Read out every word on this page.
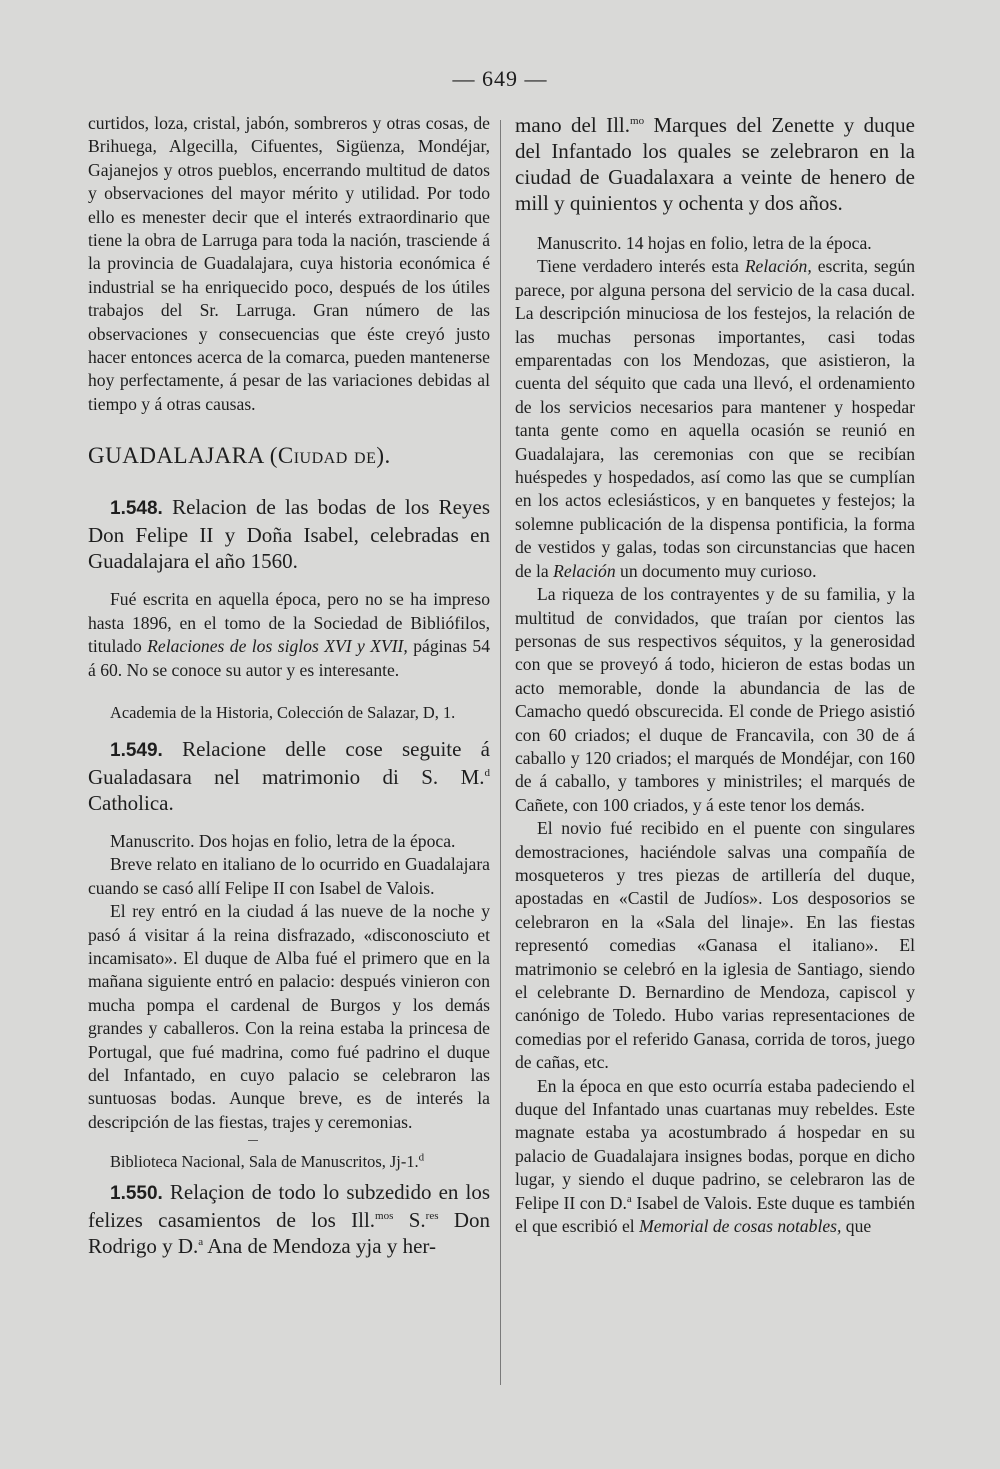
— 649 —

curtidos, loza, cristal, jabón, sombreros y otras cosas, de Brihuega, Algecilla, Cifuentes, Sigüenza, Mondéjar, Gajanejos y otros pueblos, encerrando multitud de datos y observaciones del mayor mérito y utilidad. Por todo ello es menester decir que el interés extraordinario que tiene la obra de Larruga para toda la nación, trasciende á la provincia de Guadalajara, cuya historia económica é industrial se ha enriquecido poco, después de los útiles trabajos del Sr. Larruga. Gran número de las observaciones y consecuencias que éste creyó justo hacer entonces acerca de la comarca, pueden mantenerse hoy perfectamente, á pesar de las variaciones debidas al tiempo y á otras causas.

GUADALAJARA (Ciudad de).

1.548. Relacion de las bodas de los Reyes Don Felipe II y Doña Isabel, celebradas en Guadalajara el año 1560.

Fué escrita en aquella época, pero no se ha impreso hasta 1896, en el tomo de la Sociedad de Bibliófilos, titulado Relaciones de los siglos XVI y XVII, páginas 54 á 60. No se conoce su autor y es interesante.

Academia de la Historia, Colección de Salazar, D, 1.

1.549. Relacione delle cose seguite á Gualadasara nel matrimonio di S. M.$^d$ Catholica.

Manuscrito. Dos hojas en folio, letra de la época.

Breve relato en italiano de lo ocurrido en Guadalajara cuando se casó allí Felipe II con Isabel de Valois.

El rey entró en la ciudad á las nueve de la noche y pasó á visitar á la reina disfrazado, «disconosciuto et incamisato». El duque de Alba fué el primero que en la mañana siguiente entró en palacio: después vinieron con mucha pompa el cardenal de Burgos y los demás grandes y caballeros. Con la reina estaba la princesa de Portugal, que fué madrina, como fué padrino el duque del Infantado, en cuyo palacio se celebraron las suntuosas bodas. Aunque breve, es de interés la descripción de las fiestas, trajes y ceremonias.

Biblioteca Nacional, Sala de Manuscritos, Jj-1.$^d$

1.550. Relaçion de todo lo subzedido en los felizes casamientos de los Ill.$^{mos}$ S.$^{res}$ Don Rodrigo y D.$^a$ Ana de Mendoza yja y her-

mano del Ill.$^{mo}$ Marques del Zenette y duque del Infantado los quales se zelebraron en la ciudad de Guadalaxara a veinte de henero de mill y quinientos y ochenta y dos años.

Manuscrito. 14 hojas en folio, letra de la época.

Tiene verdadero interés esta Relación, escrita, según parece, por alguna persona del servicio de la casa ducal. La descripción minuciosa de los festejos, la relación de las muchas personas importantes, casi todas emparentadas con los Mendozas, que asistieron, la cuenta del séquito que cada una llevó, el ordenamiento de los servicios necesarios para mantener y hospedar tanta gente como en aquella ocasión se reunió en Guadalajara, las ceremonias con que se recibían huéspedes y hospedados, así como las que se cumplían en los actos eclesiásticos, y en banquetes y festejos; la solemne publicación de la dispensa pontificia, la forma de vestidos y galas, todas son circunstancias que hacen de la Relación un documento muy curioso.

La riqueza de los contrayentes y de su familia, y la multitud de convidados, que traían por cientos las personas de sus respectivos séquitos, y la generosidad con que se proveyó á todo, hicieron de estas bodas un acto memorable, donde la abundancia de las de Camacho quedó obscurecida. El conde de Priego asistió con 60 criados; el duque de Francavila, con 30 de á caballo y 120 criados; el marqués de Mondéjar, con 160 de á caballo, y tambores y ministriles; el marqués de Cañete, con 100 criados, y á este tenor los demás.

El novio fué recibido en el puente con singulares demostraciones, haciéndole salvas una compañía de mosqueteros y tres piezas de artillería del duque, apostadas en «Castil de Judíos». Los desposorios se celebraron en la «Sala del linaje». En las fiestas representó comedias «Ganasa el italiano». El matrimonio se celebró en la iglesia de Santiago, siendo el celebrante D. Bernardino de Mendoza, capiscol y canónigo de Toledo. Hubo varias representaciones de comedias por el referido Ganasa, corrida de toros, juego de cañas, etc.

En la época en que esto ocurría estaba padeciendo el duque del Infantado unas cuartanas muy rebeldes. Este magnate estaba ya acostumbrado á hospedar en su palacio de Guadalajara insignes bodas, porque en dicho lugar, y siendo el duque padrino, se celebraron las de Felipe II con D.$^a$ Isabel de Valois. Este duque es también el que escribió el Memorial de cosas notables, que
